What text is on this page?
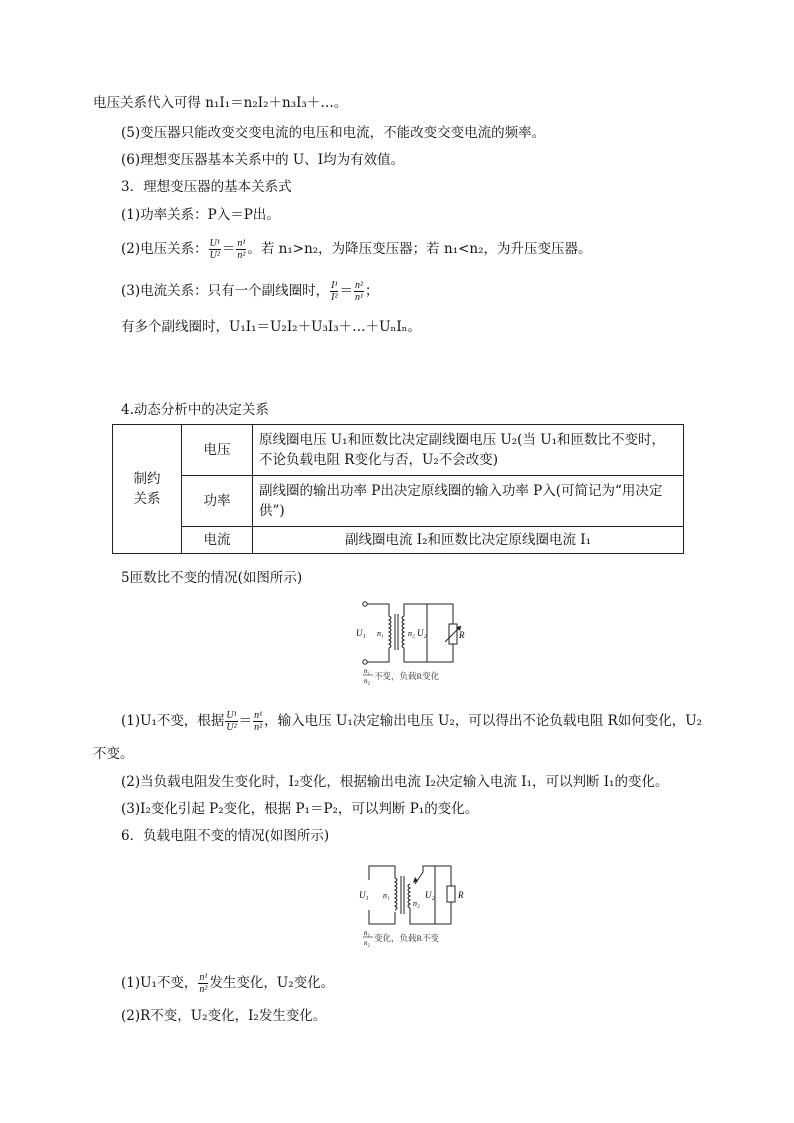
电压关系代入可得 n₁I₁＝n₂I₂＋n₃I₃＋…。
(5)变压器只能改变交变电流的电压和电流，不能改变交变电流的频率。
(6)理想变压器基本关系中的 U、I均为有效值。
3．理想变压器的基本关系式
(1)功率关系：P入＝P出。
(2)电压关系： $\frac{\text{U¹}}{\text{U²}} = \frac{\text{n¹}}{\text{n²}}$ 。若 n₁>n₂，为降压变压器；若 n₁<n₂，为升压变压器。
(3)电流关系：只有一个副线圈时， $\frac{\text{I¹}}{\text{I²}} = \frac{\text{n²}}{\text{n¹}}$ ；
有多个副线圈时，U₁I₁＝U₂I₂＋U₃I₃＋…＋UₙIₙ。
4.动态分析中的决定关系
制约
关系	电压	原线圈电压 U₁和匝数比决定副线圈电压 U₂(当 U₁和匝数比不变时，不论负载电阻 R变化与否，U₂不会改变)
	功率	副线圈的输出功率 P出决定原线圈的输入功率 P入(可简记为“用决定供”)
	电流	副线圈电流 I₂和匝数比决定原线圈电流 I₁
5匝数比不变的情况(如图所示)
U₁ n₁	n₂ U₂	R
n₁
n₂ 不变，负载R变化
(1)U₁不变，根据 $\frac{\text{U¹}}{\text{U²}} = \frac{\text{n¹}}{\text{n²}}$ ，输入电压 U₁决定输出电压 U₂，可以得出不论负载电阻 R如何变化，U₂
不变。
(2)当负载电阻发生变化时，I₂变化，根据输出电流 I₂决定输入电流 I₁，可以判断 I₁的变化。
(3)I₂变化引起 P₂变化，根据 P₁＝P₂，可以判断 P₁的变化。
6．负载电阻不变的情况(如图所示)
U₁ n₁
n₂
U₂	R
n₁
n₂ 变化，负载R不变
(1)U₁不变， $\frac{\text{n¹}}{\text{n²}}$ 发生变化，U₂变化。
(2)R不变，U₂变化，I₂发生变化。
